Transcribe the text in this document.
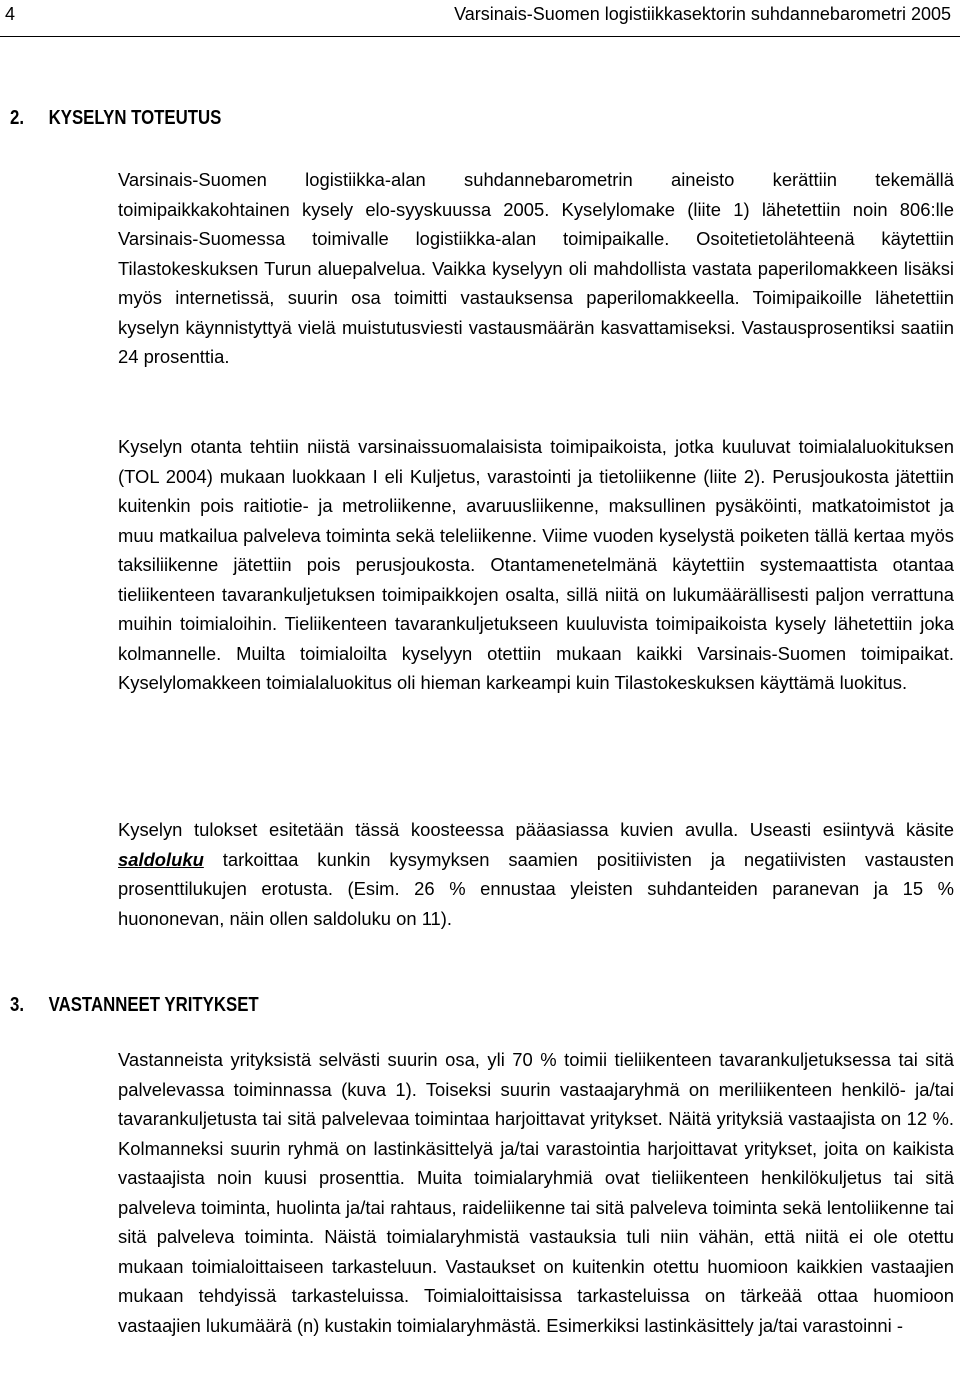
4	Varsinais-Suomen logistiikkasektorin suhdannebarometri 2005
2. KYSELYN TOTEUTUS

Varsinais-Suomen logistiikka-alan suhdannebarometrin aineisto kerättiin tekemällä toimipaikkakohtainen kysely elo-syyskuussa 2005. Kyselylomake (liite 1) lähetettiin noin 806:lle Varsinais-Suomessa toimivalle logistiikka-alan toimipaikalle. Osoitetietolähteenä käytettiin Tilastokeskuksen Turun aluepalvelua. Vaikka kyselyyn oli mahdollista vastata paperilomakkeen lisäksi myös internetissä, suurin osa toimitti vastauksensa paperilomakkeella. Toimipaikoille lähetettiin kyselyn käynnistyttyä vielä muistutusviesti vastausmäärän kasvattamiseksi. Vastausprosentiksi saatiin 24 prosenttia.

Kyselyn otanta tehtiin niistä varsinaissuomalaisista toimipaikoista, jotka kuuluvat toimialaluokituksen (TOL 2004) mukaan luokkaan I eli Kuljetus, varastointi ja tietoliikenne (liite 2). Perusjoukosta jätettiin kuitenkin pois raitiotie- ja metroliikenne, avaruusliikenne, maksullinen pysäköinti, matkatoimistot ja muu matkailua palveleva toiminta sekä teleliikenne. Viime vuoden kyselystä poiketen tällä kertaa myös taksiliikenne jätettiin pois perusjoukosta. Otantamenetelmänä käytettiin systemaattista otantaa tieliikenteen tavarankuljetuksen toimipaikkojen osalta, sillä niitä on lukumäärällisesti paljon verrattuna muihin toimialoihin. Tieliikenteen tavarankuljetukseen kuuluvista toimipaikoista kysely lähetettiin joka kolmannelle. Muilta toimialoilta kyselyyn otettiin mukaan kaikki Varsinais-Suomen toimipaikat. Kyselylomakkeen toimialaluokitus oli hieman karkeampi kuin Tilastokeskuksen käyttämä luokitus.

Kyselyn tulokset esitetään tässä koosteessa pääasiassa kuvien avulla. Useasti esiintyvä käsite saldoluku tarkoittaa kunkin kysymyksen saamien positiivisten ja negatiivisten vastausten prosenttilukujen erotusta. (Esim. 26 % ennustaa yleisten suhdanteiden paranevan ja 15 % huononevan, näin ollen saldoluku on 11).

3. VASTANNEET YRITYKSET

Vastanneista yrityksistä selvästi suurin osa, yli 70 % toimii tieliikenteen tavarankuljetuksessa tai sitä palvelevassa toiminnassa (kuva 1). Toiseksi suurin vastaajaryhmä on meriliikenteen henkilö- ja/tai tavarankuljetusta tai sitä palvelevaa toimintaa harjoittavat yritykset. Näitä yrityksiä vastaajista on 12 %. Kolmanneksi suurin ryhmä on lastinkäsittelyä ja/tai varastointia harjoittavat yritykset, joita on kaikista vastaajista noin kuusi prosenttia. Muita toimialaryhmiä ovat tieliikenteen henkilökuljetus tai sitä palveleva toiminta, huolinta ja/tai rahtaus, raideliikenne tai sitä palveleva toiminta sekä lentoliikenne tai sitä palveleva toiminta. Näistä toimialaryhmistä vastauksia tuli niin vähän, että niitä ei ole otettu mukaan toimialoittaiseen tarkasteluun. Vastaukset on kuitenkin otettu huomioon kaikkien vastaajien mukaan tehdyissä tarkasteluissa. Toimialoittaisissa tarkasteluissa on tärkeää ottaa huomioon vastaajien lukumäärä (n) kustakin toimialaryhmästä. Esimerkiksi lastinkäsittely ja/tai varastoinni -
